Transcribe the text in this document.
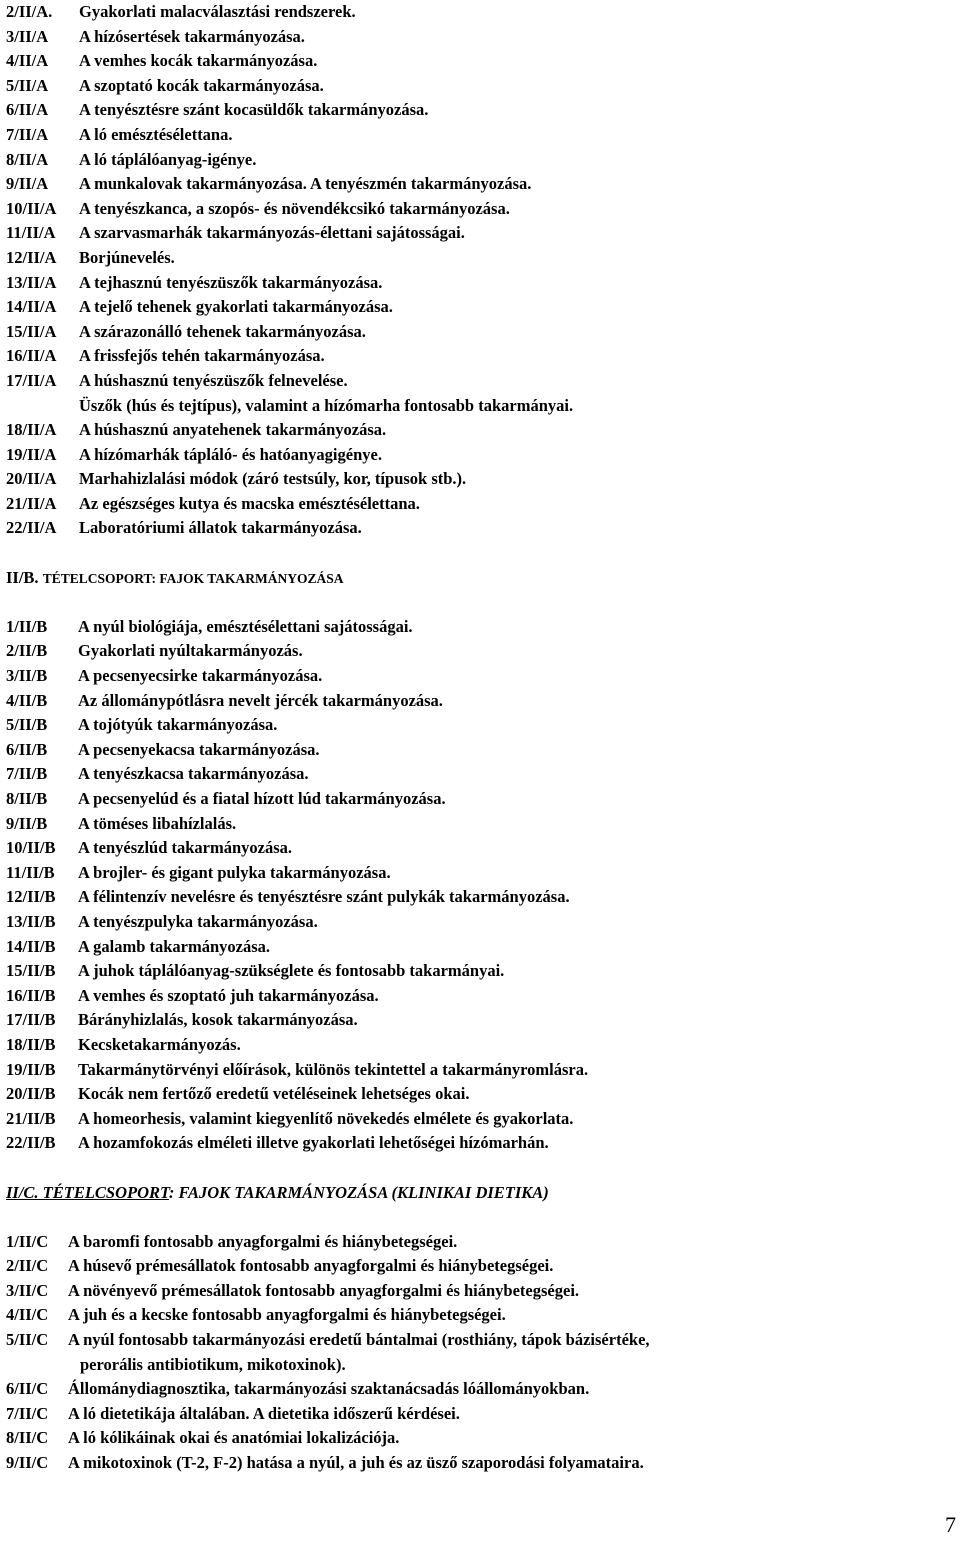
2/II/A.	Gyakorlati malacválasztási rendszerek.
3/II/A	A hízósertések takarmányozása.
4/II/A	A vemhes kocák takarmányozása.
5/II/A	A szoptató kocák takarmányozása.
6/II/A	A tenyésztésre szánt kocasüldők takarmányozása.
7/II/A	A ló emésztésélettana.
8/II/A	A ló táplálóanyag-igénye.
9/II/A	A munkalovak takarmányozása. A tenyészmén takarmányozása.
10/II/A	A tenyészkanca, a szopós- és növendékcsikó takarmányozása.
11/II/A	A szarvasmarhák takarmányozás-élettani sajátosságai.
12/II/A	Borjúnevelés.
13/II/A	A tejhasznú tenyészüszők takarmányozása.
14/II/A	A tejelő tehenek gyakorlati takarmányozása.
15/II/A	A szárazonálló tehenek takarmányozása.
16/II/A	A frissfejős tehén takarmányozása.
17/II/A	A húshasznú tenyészüszők felnevelése.
Üszők (hús és tejtípus), valamint a hízómarha fontosabb takarmányai.
18/II/A	A húshasznú anyatehenek takarmányozása.
19/II/A	A hízómarhák tápláló- és hatóanyagigénye.
20/II/A	Marhahizlalási módok (záró testsúly, kor, típusok stb.).
21/II/A	Az egészséges kutya és macska emésztésélettana.
22/II/A	Laboratóriumi állatok takarmányozása.
II/B. TÉTELCSOPORT: FAJOK TAKARMÁNYOZÁSA
1/II/B	A nyúl biológiája, emésztésélettani sajátosságai.
2/II/B	Gyakorlati nyúltakarmányozás.
3/II/B	A pecsenyecsirke takarmányozása.
4/II/B	Az állománypótlásra nevelt jércék takarmányozása.
5/II/B	A tojótyúk takarmányozása.
6/II/B	A pecsenyekacsa takarmányozása.
7/II/B	A tenyészkacsa takarmányozása.
8/II/B	A pecsenyelúd és a fiatal hízott lúd takarmányozása.
9/II/B	A töméses libahízlalás.
10/II/B	A tenyészlúd takarmányozása.
11/II/B	A brojler- és gigant pulyka takarmányozása.
12/II/B	A félintenzív nevelésre és tenyésztésre szánt pulykák takarmányozása.
13/II/B	A tenyészpulyka takarmányozása.
14/II/B	A galamb takarmányozása.
15/II/B	A juhok táplálóanyag-szükséglete és fontosabb takarmányai.
16/II/B	A vemhes és szoptató juh takarmányozása.
17/II/B	Bárányhizlalás, kosok takarmányozása.
18/II/B	Kecsketakarmányozás.
19/II/B	Takarmánytörvényi előírások, különös tekintettel a takarmányromlásra.
20/II/B	Kocák nem fertőző eredetű vetéléseinek lehetséges okai.
21/II/B	A homeorhesis, valamint kiegyenlítő növekedés elmélete és gyakorlata.
22/II/B	A hozamfokozás elméleti illetve gyakorlati lehetőségei hízómarhán.
II/C. TÉTELCSOPORT: FAJOK TAKARMÁNYOZÁSA (KLINIKAI DIETIKA)
1/II/C	A baromfi fontosabb anyagforgalmi és hiánybetegségei.
2/II/C	A húsevő prémesállatok fontosabb anyagforgalmi és hiánybetegségei.
3/II/C	A növényevő prémesállatok fontosabb anyagforgalmi és hiánybetegségei.
4/II/C	A juh és a kecske fontosabb anyagforgalmi és hiánybetegségei.
5/II/C	A nyúl fontosabb takarmányozási eredetű bántalmai (rosthiány, tápok bázisértéke,
perorális antibiotikum, mikotoxinok).
6/II/C	Állománydiagnosztika, takarmányozási szaktanácsadás lóállományokban.
7/II/C	A ló dietetikája általában. A dietetika időszerű kérdései.
8/II/C	A ló kólikáinak okai és anatómiai lokalizációja.
9/II/C	A mikotoxinok (T-2, F-2) hatása a nyúl, a juh és az üsző szaporodási folyamataira.
7
